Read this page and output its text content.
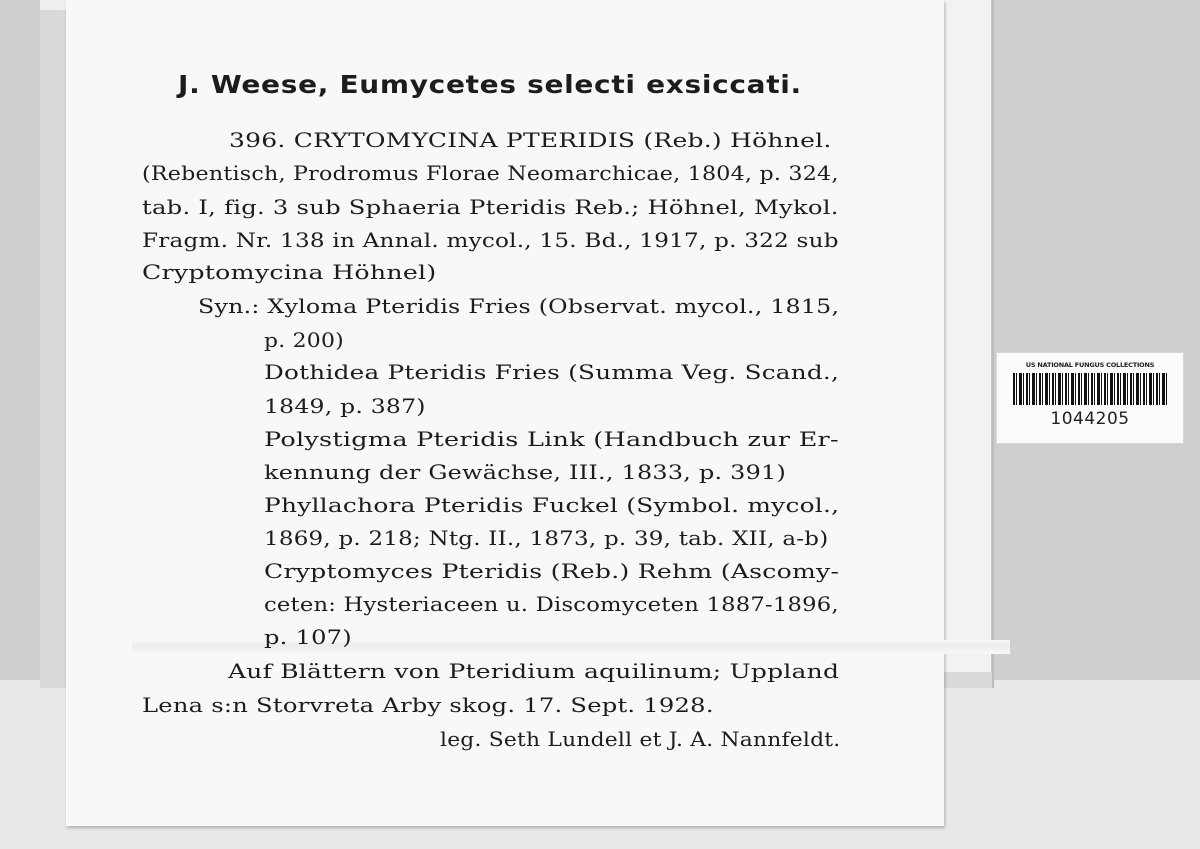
J. Weese, Eumycetes selecti exsiccati.
396. CRYTOMYCINA PTERIDIS (Reb.) Höhnel.
(Rebentisch, Prodromus Florae Neomarchicae, 1804, p. 324,
tab. I, fig. 3 sub Sphaeria Pteridis Reb.; Höhnel, Mykol.
Fragm. Nr. 138 in Annal. mycol., 15. Bd., 1917, p. 322 sub
Cryptomycina Höhnel)
Syn.: Xyloma Pteridis Fries (Observat. mycol., 1815,
p. 200)
Dothidea Pteridis Fries (Summa Veg. Scand.,
1849, p. 387)
Polystigma Pteridis Link (Handbuch zur Er-
kennung der Gewächse, III., 1833, p. 391)
Phyllachora Pteridis Fuckel (Symbol. mycol.,
1869, p. 218; Ntg. II., 1873, p. 39, tab. XII, a-b)
Cryptomyces Pteridis (Reb.) Rehm (Ascomy-
ceten: Hysteriaceen u. Discomyceten 1887-1896,
p. 107)
Auf Blättern von Pteridium aquilinum; Uppland
Lena s:n Storvreta Arby skog. 17. Sept. 1928.
leg. Seth Lundell et J. A. Nannfeldt.
US NATIONAL FUNGUS COLLECTIONS
1044205
